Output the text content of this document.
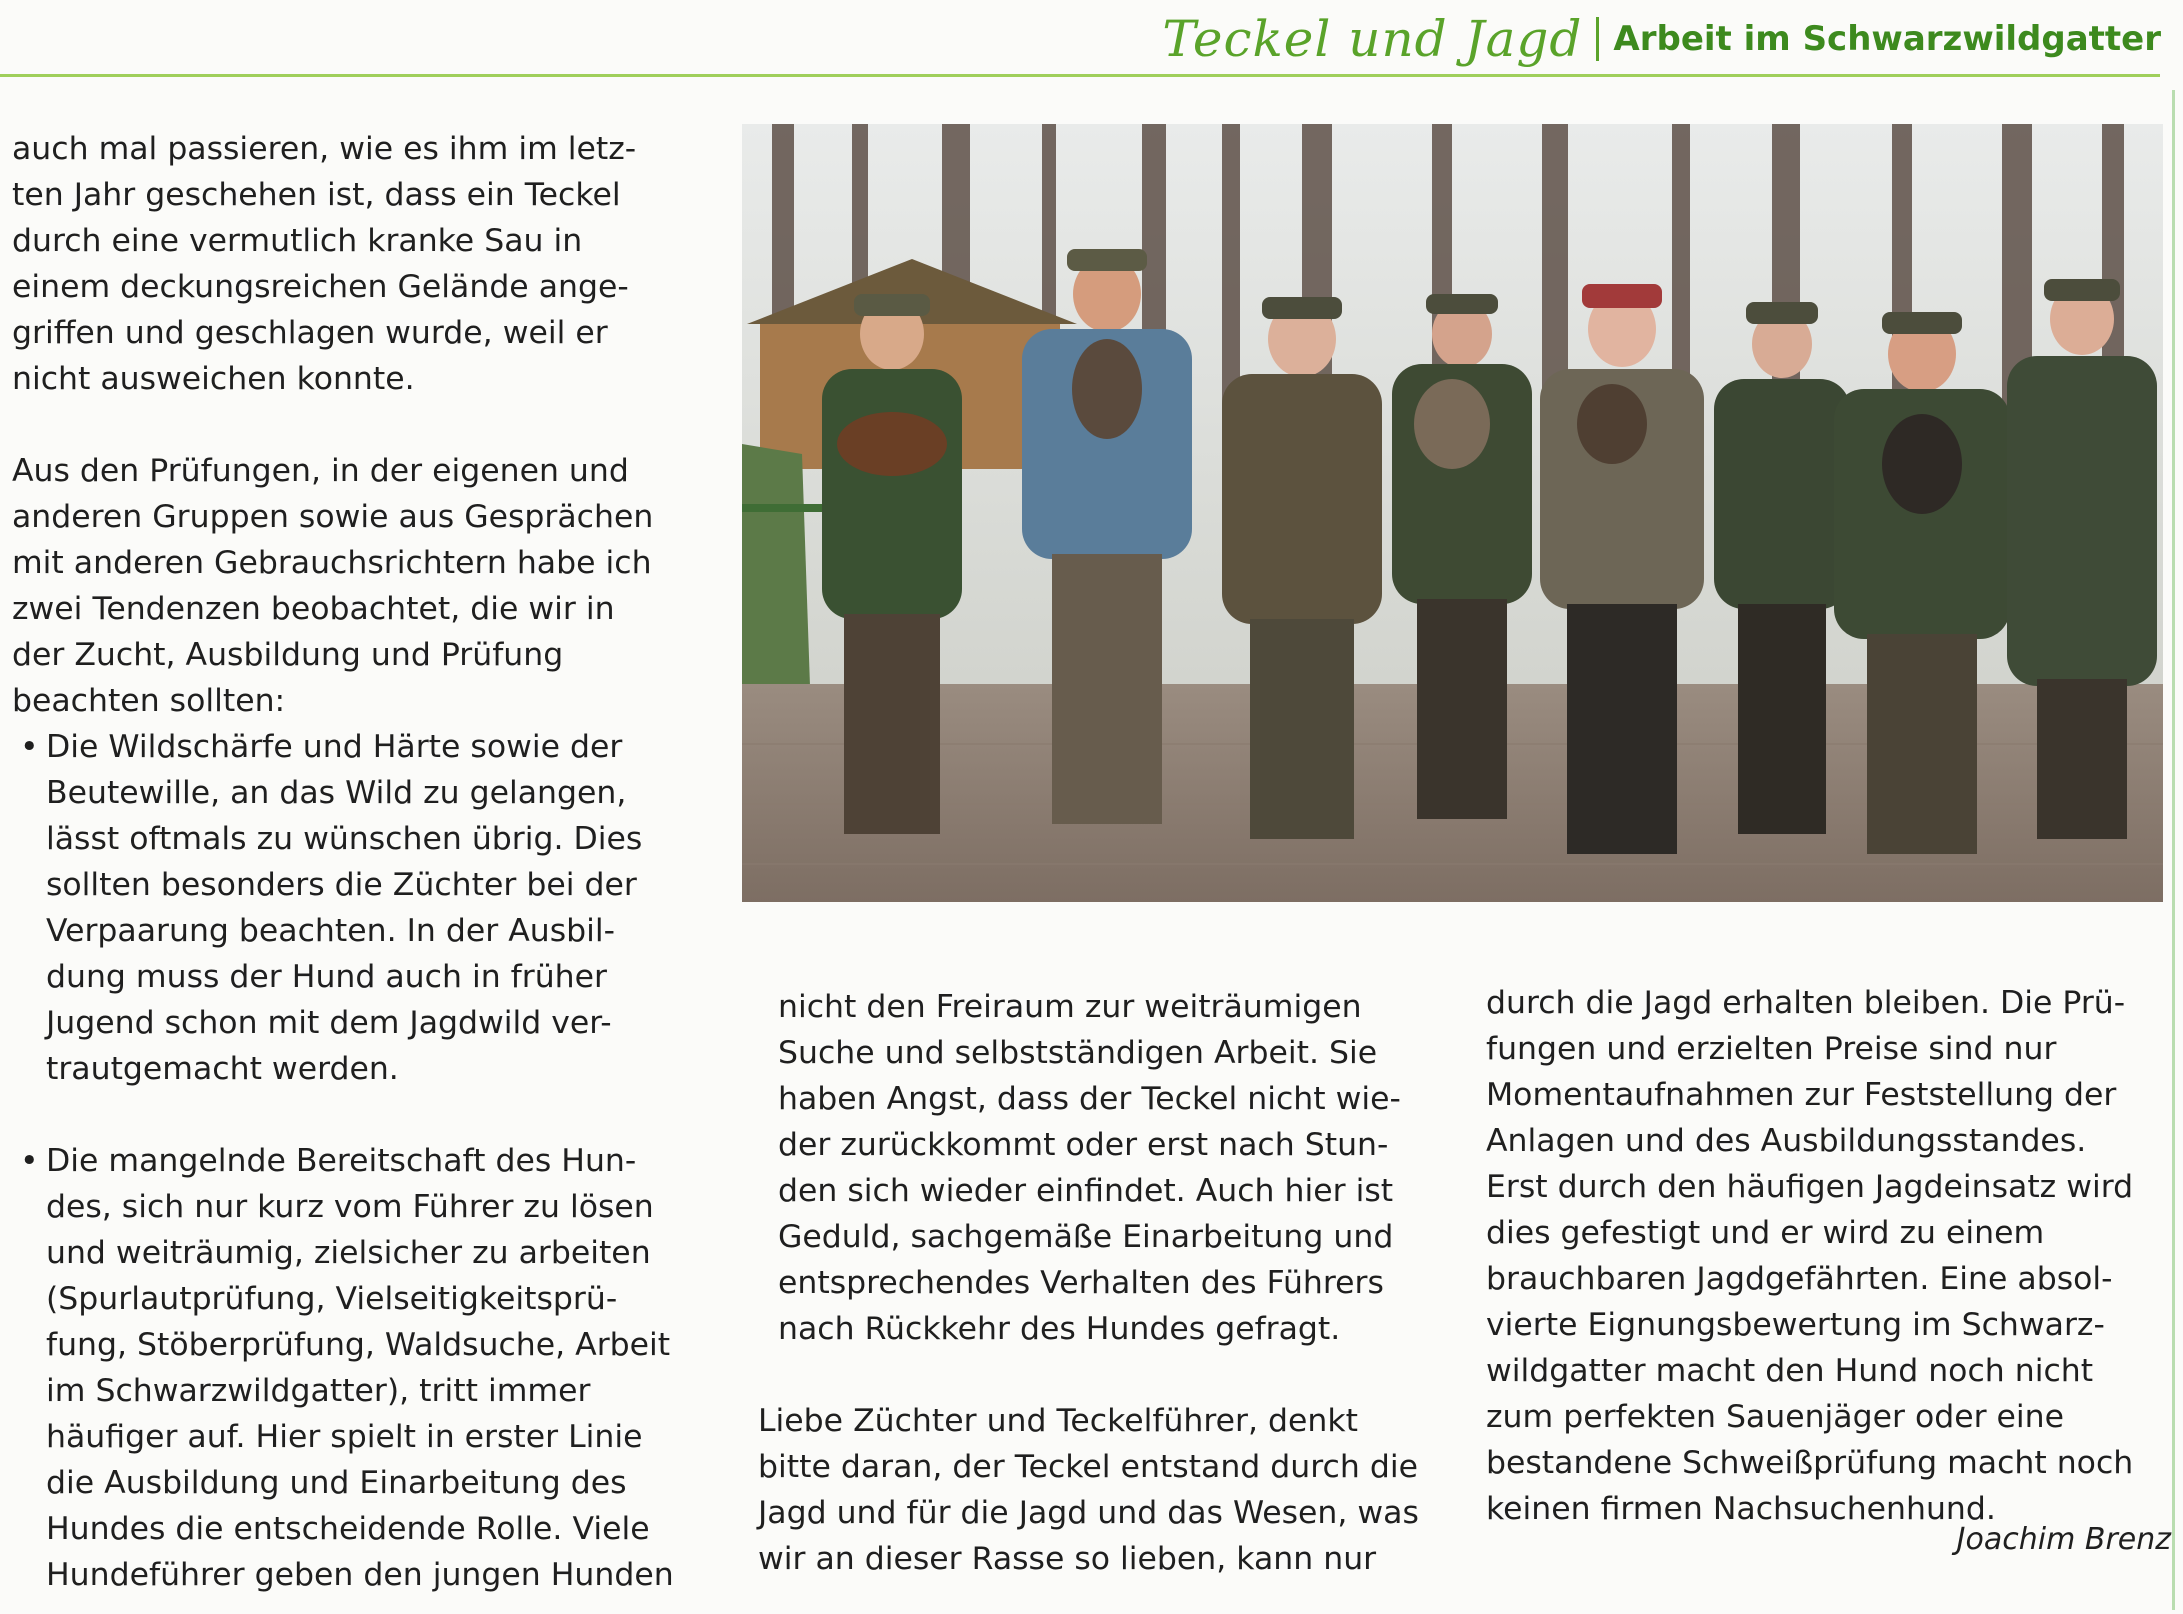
Teckel und Jagd Arbeit im Schwarzwildgatter

auch mal passieren, wie es ihm im letz-
ten Jahr geschehen ist, dass ein Teckel
durch eine vermutlich kranke Sau in
einem deckungsreichen Gelände ange-
griffen und geschlagen wurde, weil er
nicht ausweichen konnte.

Aus den Prüfungen, in der eigenen und
anderen Gruppen sowie aus Gesprächen
mit anderen Gebrauchsrichtern habe ich
zwei Tendenzen beobachtet, die wir in
der Zucht, Ausbildung und Prüfung
beachten sollten:

• Die Wildschärfe und Härte sowie der
Beutewille, an das Wild zu gelangen,
lässt oftmals zu wünschen übrig. Dies
sollten besonders die Züchter bei der
Verpaarung beachten. In der Ausbil-
dung muss der Hund auch in früher
Jugend schon mit dem Jagdwild ver-
trautgemacht werden.

• Die mangelnde Bereitschaft des Hun-
des, sich nur kurz vom Führer zu lösen
und weiträumig, zielsicher zu arbeiten
(Spurlautprüfung, Vielseitigkeitsprü-
fung, Stöberprüfung, Waldsuche, Arbeit
im Schwarzwildgatter), tritt immer
häufiger auf. Hier spielt in erster Linie
die Ausbildung und Einarbeitung des
Hundes die entscheidende Rolle. Viele
Hundeführer geben den jungen Hunden

nicht den Freiraum zur weiträumigen
Suche und selbstständigen Arbeit. Sie
haben Angst, dass der Teckel nicht wie-
der zurückkommt oder erst nach Stun-
den sich wieder einfindet. Auch hier ist
Geduld, sachgemäße Einarbeitung und
entsprechendes Verhalten des Führers
nach Rückkehr des Hundes gefragt.

Liebe Züchter und Teckelführer, denkt
bitte daran, der Teckel entstand durch die
Jagd und für die Jagd und das Wesen, was
wir an dieser Rasse so lieben, kann nur

durch die Jagd erhalten bleiben. Die Prü-
fungen und erzielten Preise sind nur
Momentaufnahmen zur Feststellung der
Anlagen und des Ausbildungsstandes.
Erst durch den häufigen Jagdeinsatz wird
dies gefestigt und er wird zu einem
brauchbaren Jagdgefährten. Eine absol-
vierte Eignungsbewertung im Schwarz-
wildgatter macht den Hund noch nicht
zum perfekten Sauenjäger oder eine
bestandene Schweißprüfung macht noch
keinen firmen Nachsuchenhund.

Joachim Brenz
